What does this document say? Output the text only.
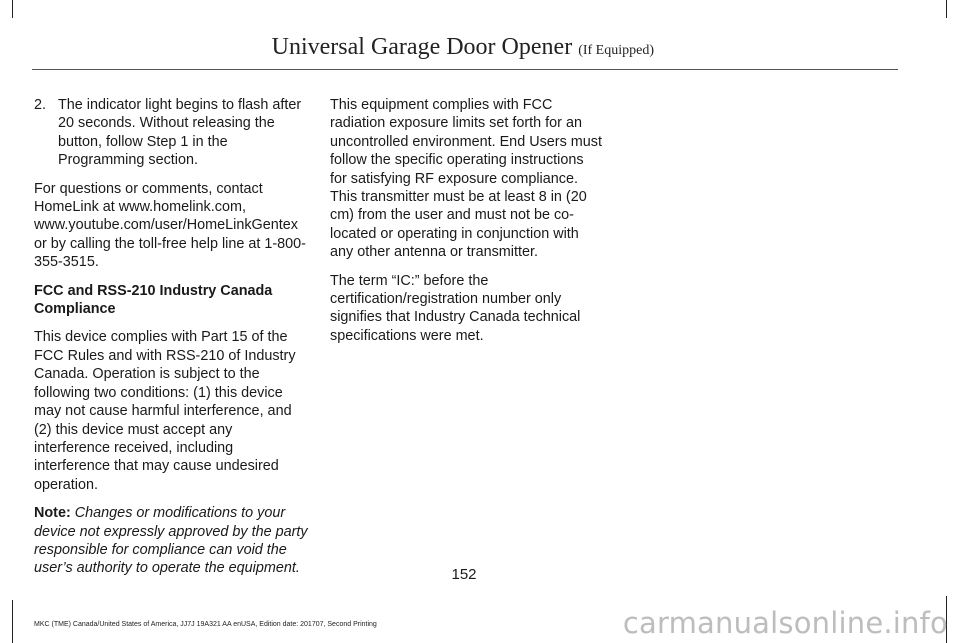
Universal Garage Door Opener (If Equipped)
2. The indicator light begins to flash after 20 seconds. Without releasing the button, follow Step 1 in the Programming section.

For questions or comments, contact HomeLink at www.homelink.com, www.youtube.com/user/HomeLinkGentex or by calling the toll-free help line at 1-800-355-3515.

FCC and RSS-210 Industry Canada Compliance

This device complies with Part 15 of the FCC Rules and with RSS-210 of Industry Canada. Operation is subject to the following two conditions: (1) this device may not cause harmful interference, and (2) this device must accept any interference received, including interference that may cause undesired operation.

Note: Changes or modifications to your device not expressly approved by the party responsible for compliance can void the user’s authority to operate the equipment.

This equipment complies with FCC radiation exposure limits set forth for an uncontrolled environment. End Users must follow the specific operating instructions for satisfying RF exposure compliance. This transmitter must be at least 8 in (20 cm) from the user and must not be co-located or operating in conjunction with any other antenna or transmitter.

The term “IC:” before the certification/registration number only signifies that Industry Canada technical specifications were met.

152
MKC (TME) Canada/United States of America, JJ7J 19A321 AA enUSA, Edition date: 201707, Second Printing	carmanualsonline.info
